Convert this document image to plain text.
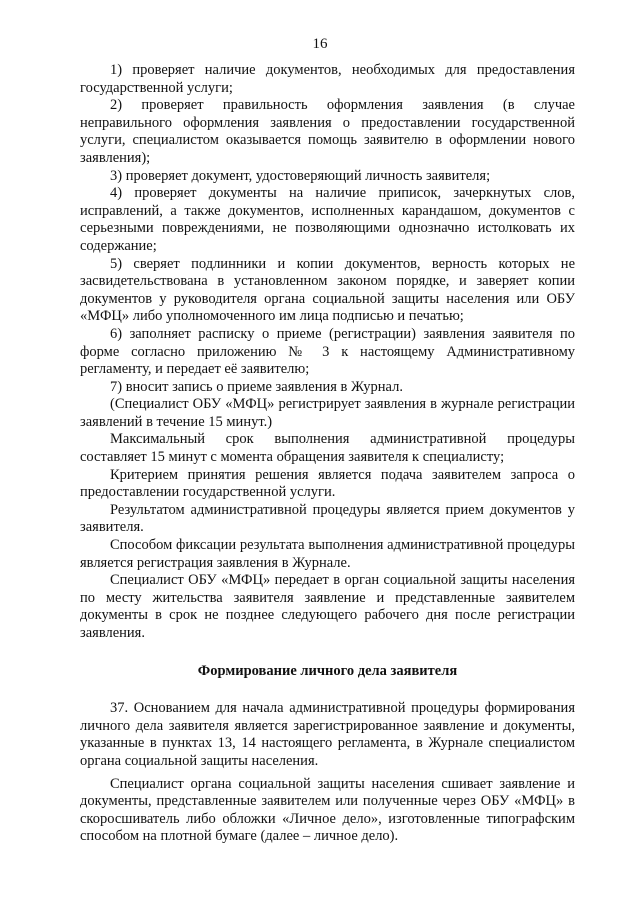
16

1) проверяет наличие документов, необходимых для предоставления государственной услуги;

2) проверяет правильность оформления заявления (в случае неправильного оформления заявления о предоставлении государственной услуги, специалистом оказывается помощь заявителю в оформлении нового заявления);

3) проверяет документ, удостоверяющий личность заявителя;

4) проверяет документы на наличие приписок, зачеркнутых слов, исправлений, а также документов, исполненных карандашом, документов с серьезными повреждениями, не позволяющими однозначно истолковать их содержание;

5) сверяет подлинники и копии документов, верность которых не засвидетельствована в установленном законом порядке, и заверяет копии документов у руководителя органа социальной защиты населения или ОБУ «МФЦ» либо уполномоченного им лица подписью и печатью;

6) заполняет расписку о приеме (регистрации) заявления заявителя по форме согласно приложению № 3 к настоящему Административному регламенту, и передает её заявителю;

7) вносит запись о приеме заявления в Журнал.

(Специалист ОБУ «МФЦ» регистрирует заявления в журнале регистрации заявлений в течение 15 минут.)

Максимальный срок выполнения административной процедуры составляет 15 минут с момента обращения заявителя к специалисту;

Критерием принятия решения является подача заявителем запроса о предоставлении государственной услуги.

Результатом административной процедуры является прием документов у заявителя.

Способом фиксации результата выполнения административной процедуры является регистрация заявления в Журнале.

Специалист ОБУ «МФЦ» передает в орган социальной защиты населения по месту жительства заявителя заявление и представленные заявителем документы в срок не позднее следующего рабочего дня после регистрации заявления.

Формирование личного дела заявителя

37. Основанием для начала административной процедуры формирования личного дела заявителя является зарегистрированное заявление и документы, указанные в пунктах 13, 14 настоящего регламента, в Журнале специалистом органа социальной защиты населения.

Специалист органа социальной защиты населения сшивает заявление и документы, представленные заявителем или полученные через ОБУ «МФЦ» в скоросшиватель либо обложки «Личное дело», изготовленные типографским способом на плотной бумаге (далее – личное дело).
